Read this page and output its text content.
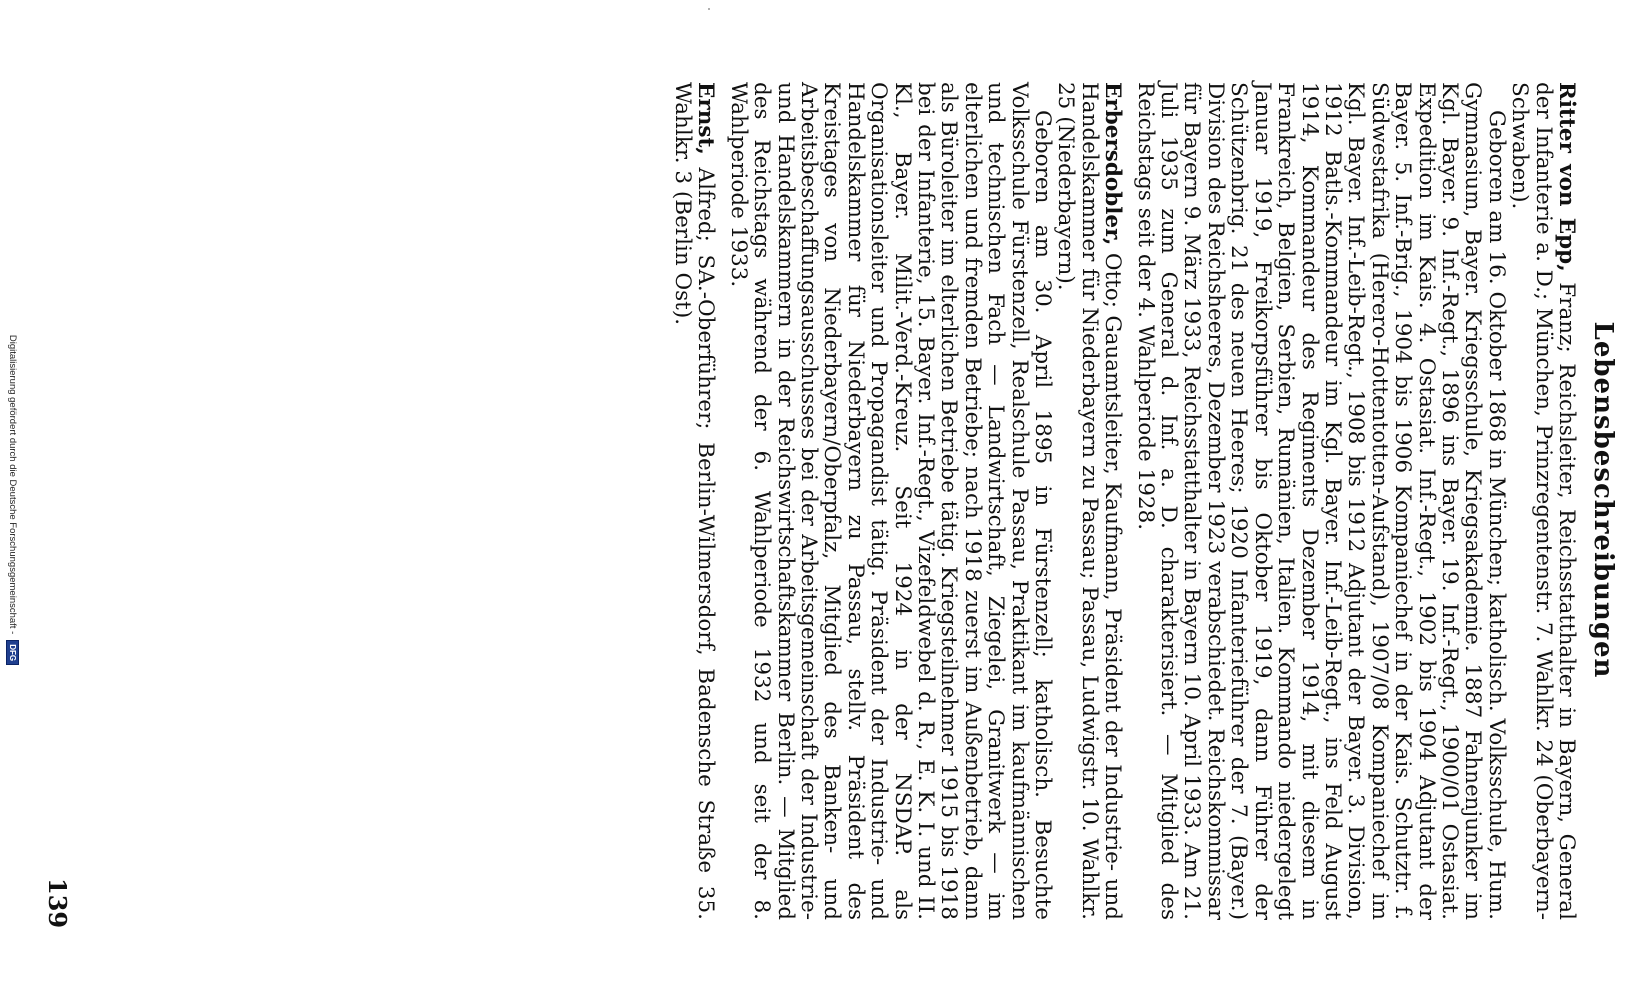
Lebensbeschreibungen

Ritter von Epp, Franz; Reichsleiter, Reichsstatthalter in Bayern, General der Infanterie a. D.; München, Prinzregentenstr. 7. Wahlkr. 24 (Oberbayern-Schwaben).

Geboren am 16. Oktober 1868 in München; katholisch. Volksschule, Hum. Gymnasium, Bayer. Kriegsschule, Kriegsakademie. 1887 Fahnenjunker im Kgl. Bayer. 9. Inf.-Regt., 1896 ins Bayer. 19. Inf.-Regt., 1900/01 Ostasiat. Expedition im Kais. 4. Ostasiat. Inf.-Regt., 1902 bis 1904 Adjutant der Bayer. 5. Inf.-Brig., 1904 bis 1906 Kompaniechef in der Kais. Schutztr. f. Südwestafrika (Herero-Hottentotten-Aufstand), 1907/08 Kompaniechef im Kgl. Bayer. Inf.-Leib-Regt., 1908 bis 1912 Adjutant der Bayer. 3. Division, 1912 Batls.-Kommandeur im Kgl. Bayer. Inf.-Leib-Regt., ins Feld August 1914, Kommandeur des Regiments Dezember 1914, mit diesem in Frankreich, Belgien, Serbien, Rumänien, Italien. Kommando niedergelegt Januar 1919, Freikorpsführer bis Oktober 1919, dann Führer der Schützenbrig. 21 des neuen Heeres; 1920 Infanterieführer der 7. (Bayer.) Division des Reichsheeres, Dezember 1923 verabschiedet. Reichskommissar für Bayern 9. März 1933, Reichsstatthalter in Bayern 10. April 1933. Am 21. Juli 1935 zum General d. Inf. a. D. charakterisiert. — Mitglied des Reichstags seit der 4. Wahlperiode 1928.

Erbersdobler, Otto; Gauamtsleiter, Kaufmann, Präsident der Industrie- und Handelskammer für Niederbayern zu Passau; Passau, Ludwigstr. 10. Wahlkr. 25 (Niederbayern).

Geboren am 30. April 1895 in Fürstenzell; katholisch. Besuchte Volksschule Fürstenzell, Realschule Passau, Praktikant im kaufmännischen und technischen Fach — Landwirtschaft, Ziegelei, Granitwerk — im elterlichen und fremden Betriebe; nach 1918 zuerst im Außenbetrieb, dann als Büroleiter im elterlichen Betriebe tätig. Kriegsteilnehmer 1915 bis 1918 bei der Infanterie, 15. Bayer. Inf.-Regt., Vizefeldwebel d. R., E. K. I. und II. Kl., Bayer. Milit.-Verd.-Kreuz. Seit 1924 in der NSDAP. als Organisationsleiter und Propagandist tätig. Präsident der Industrie- und Handelskammer für Niederbayern zu Passau, stellv. Präsident des Kreistages von Niederbayern/Oberpfalz, Mitglied des Banken- und Arbeitsbeschaffungsausschusses bei der Arbeitsgemeinschaft der Industrie- und Handelskammern in der Reichswirtschaftskammer Berlin. — Mitglied des Reichstags während der 6. Wahlperiode 1932 und seit der 8. Wahlperiode 1933.

Ernst, Alfred; SA.-Oberführer; Berlin-Wilmersdorf, Badensche Straße 35. Wahlkr. 3 (Berlin Ost).

139
Digitalisierung gefördert durch die Deutsche Forschungsgemeinschaft -
DFG
